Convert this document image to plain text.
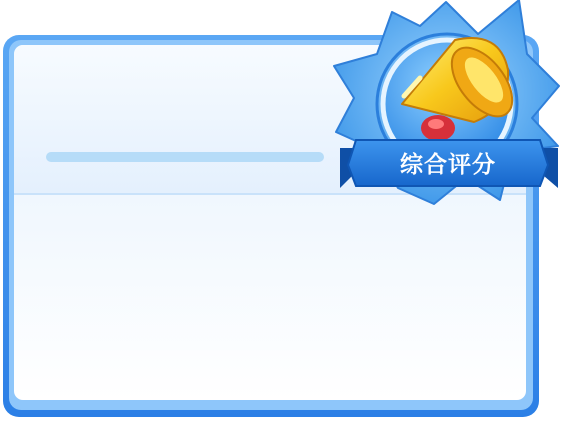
综合评分
